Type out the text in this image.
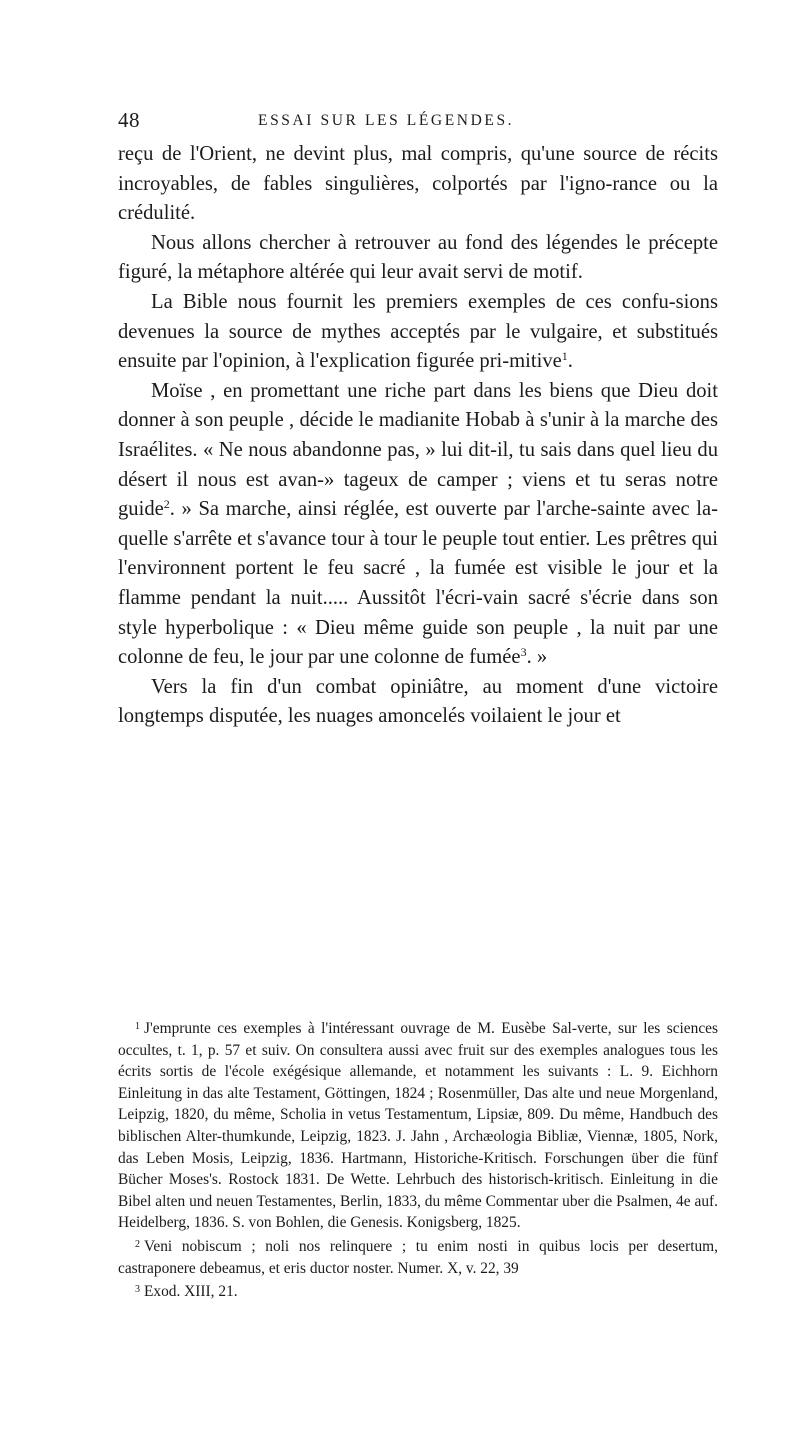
48	ESSAI SUR LES LÉGENDES.

reçu de l'Orient, ne devint plus, mal compris, qu'une source de récits incroyables, de fables singulières, colportés par l'igno-rance ou la crédulité.

Nous allons chercher à retrouver au fond des légendes le précepte figuré, la métaphore altérée qui leur avait servi de motif.

La Bible nous fournit les premiers exemples de ces confu-sions devenues la source de mythes acceptés par le vulgaire, et substitués ensuite par l'opinion, à l'explication figurée pri-mitive$^1$.

Moïse , en promettant une riche part dans les biens que Dieu doit donner à son peuple , décide le madianite Hobab à s'unir à la marche des Israélites. « Ne nous abandonne pas, » lui dit-il, tu sais dans quel lieu du désert il nous est avan-» tageux de camper ; viens et tu seras notre guide$^2$. » Sa marche, ainsi réglée, est ouverte par l'arche-sainte avec la-quelle s'arrête et s'avance tour à tour le peuple tout entier. Les prêtres qui l'environnent portent le feu sacré , la fumée est visible le jour et la flamme pendant la nuit..... Aussitôt l'écri-vain sacré s'écrie dans son style hyperbolique : « Dieu même guide son peuple , la nuit par une colonne de feu, le jour par une colonne de fumée$^3$. »

Vers la fin d'un combat opiniâtre, au moment d'une victoire longtemps disputée, les nuages amoncelés voilaient le jour et

$^1$ J'emprunte ces exemples à l'intéressant ouvrage de M. Eusèbe Sal-verte, sur les sciences occultes, t. 1, p. 57 et suiv. On consultera aussi avec fruit sur des exemples analogues tous les écrits sortis de l'école exégésique allemande, et notamment les suivants : L. 9. Eichhorn Einleitung in das alte Testament, Göttingen, 1824 ; Rosenmüller, Das alte und neue Morgenland, Leipzig, 1820, du même, Scholia in vetus Testamentum, Lipsiæ, 809. Du même, Handbuch des biblischen Alter-thumkunde, Leipzig, 1823. J. Jahn , Archæologia Bibliæ, Viennæ, 1805, Nork, das Leben Mosis, Leipzig, 1836. Hartmann, Historiche-Kritisch. Forschungen über die fünf Bücher Moses's. Rostock 1831. De Wette. Lehrbuch des historisch-kritisch. Einleitung in die Bibel alten und neuen Testamentes, Berlin, 1833, du même Commentar uber die Psalmen, 4e auf. Heidelberg, 1836. S. von Bohlen, die Genesis. Konigsberg, 1825.

$^2$ Veni nobiscum ; noli nos relinquere ; tu enim nosti in quibus locis per desertum, castraponere debeamus, et eris ductor noster. Numer. X, v. 22, 39

$^3$ Exod. XIII, 21.
